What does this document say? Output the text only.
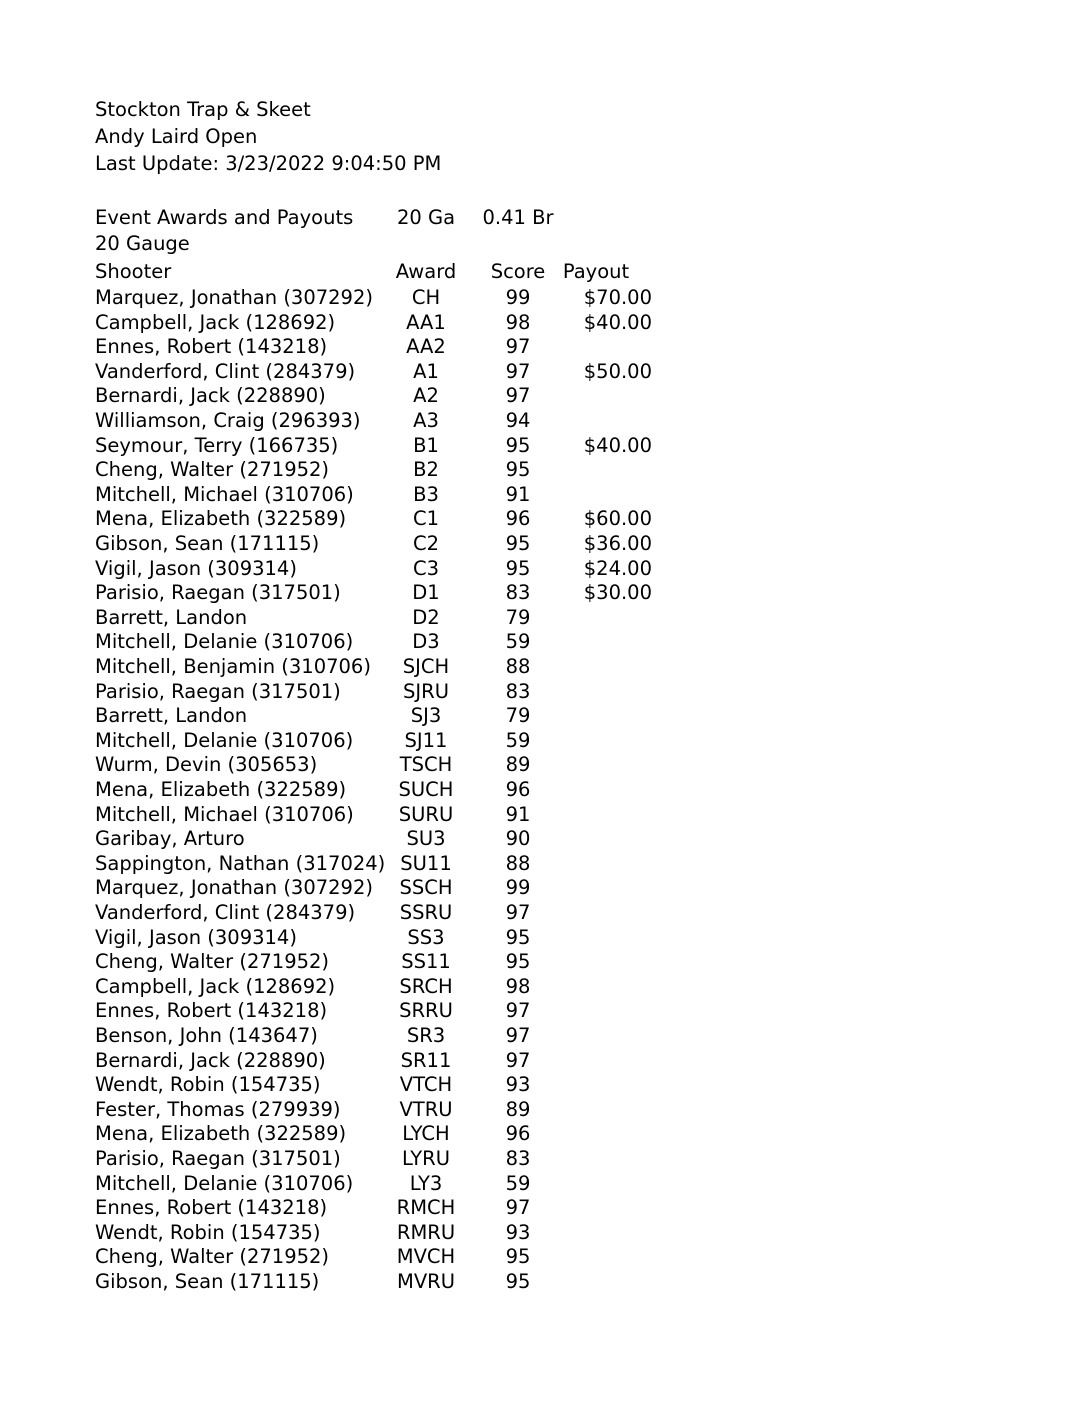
Stockton Trap & Skeet
Andy Laird Open
Last Update: 3/23/2022 9:04:50 PM
Event Awards and Payouts	20 Ga	0.41 Br
20 Gauge
Shooter	Award	Score Payout
Marquez, Jonathan (307292)	CH	99	$70.00
Campbell, Jack (128692)	AA1	98	$40.00
Ennes, Robert (143218)	AA2	97
Vanderford, Clint (284379)	A1	97	$50.00
Bernardi, Jack (228890)	A2	97
Williamson, Craig (296393)	A3	94
Seymour, Terry (166735)	B1	95	$40.00
Cheng, Walter (271952)	B2	95
Mitchell, Michael (310706)	B3	91
Mena, Elizabeth (322589)	C1	96	$60.00
Gibson, Sean (171115)	C2	95	$36.00
Vigil, Jason (309314)	C3	95	$24.00
Parisio, Raegan (317501)	D1	83	$30.00
Barrett, Landon	D2	79
Mitchell, Delanie (310706)	D3	59
Mitchell, Benjamin (310706)	SJCH	88
Parisio, Raegan (317501)	SJRU	83
Barrett, Landon	SJ3	79
Mitchell, Delanie (310706)	SJ11	59
Wurm, Devin (305653)	TSCH	89
Mena, Elizabeth (322589)	SUCH	96
Mitchell, Michael (310706)	SURU	91
Garibay, Arturo	SU3	90
Sappington, Nathan (317024) SU11	88
Marquez, Jonathan (307292)	SSCH	99
Vanderford, Clint (284379)	SSRU	97
Vigil, Jason (309314)	SS3	95
Cheng, Walter (271952)	SS11	95
Campbell, Jack (128692)	SRCH	98
Ennes, Robert (143218)	SRRU	97
Benson, John (143647)	SR3	97
Bernardi, Jack (228890)	SR11	97
Wendt, Robin (154735)	VTCH	93
Fester, Thomas (279939)	VTRU	89
Mena, Elizabeth (322589)	LYCH	96
Parisio, Raegan (317501)	LYRU	83
Mitchell, Delanie (310706)	LY3	59
Ennes, Robert (143218)	RMCH	97
Wendt, Robin (154735)	RMRU	93
Cheng, Walter (271952)	MVCH	95
Gibson, Sean (171115)	MVRU	95
